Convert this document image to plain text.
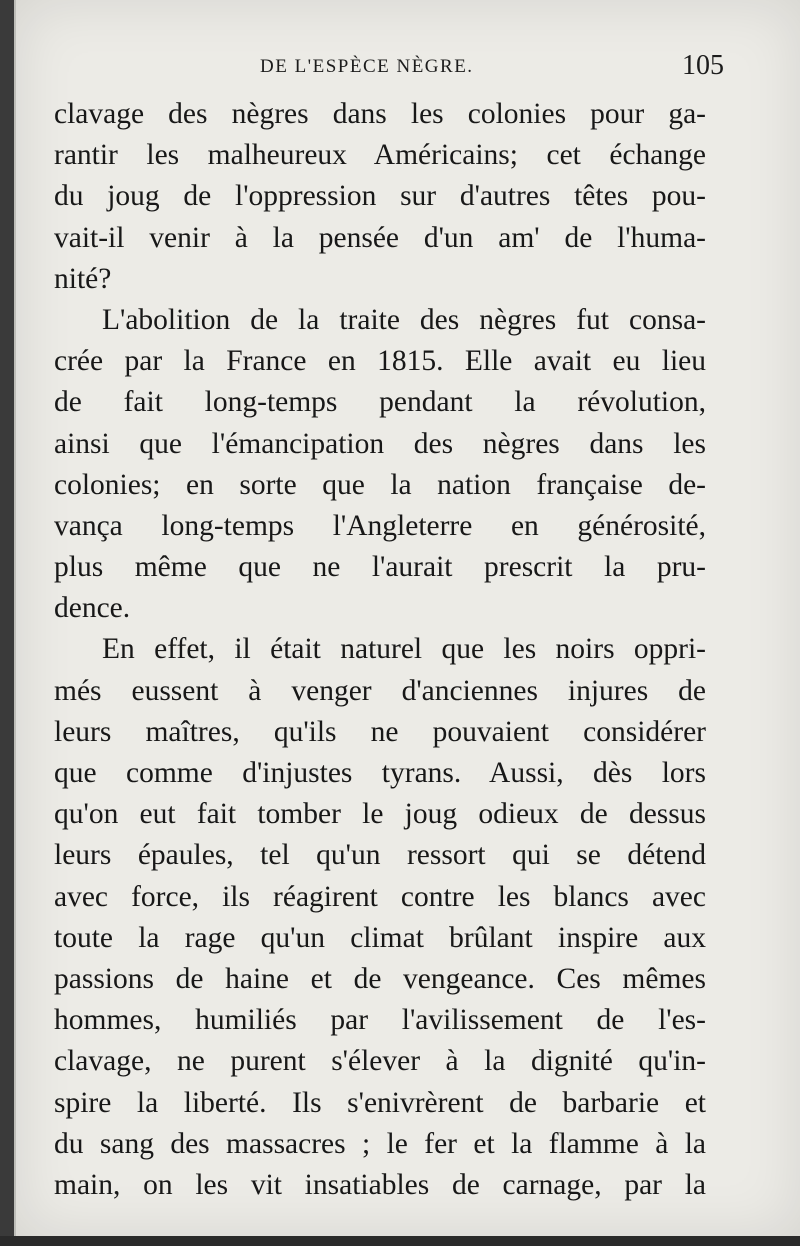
DE L'ESPÈCE NÈGRE.	105
clavage des nègres dans les colonies pour ga-
rantir les malheureux Américains; cet échange
du joug de l'oppression sur d'autres têtes pou-
vait-il venir à la pensée d'un am' de l'huma-
nité?
L'abolition de la traite des nègres fut consa-
crée par la France en 1815. Elle avait eu lieu
de fait long-temps pendant la révolution,
ainsi que l'émancipation des nègres dans les
colonies; en sorte que la nation française de-
vança long-temps l'Angleterre en générosité,
plus même que ne l'aurait prescrit la pru-
dence.
En effet, il était naturel que les noirs oppri-
més eussent à venger d'anciennes injures de
leurs maîtres, qu'ils ne pouvaient considérer
que comme d'injustes tyrans. Aussi, dès lors
qu'on eut fait tomber le joug odieux de dessus
leurs épaules, tel qu'un ressort qui se détend
avec force, ils réagirent contre les blancs avec
toute la rage qu'un climat brûlant inspire aux
passions de haine et de vengeance. Ces mêmes
hommes, humiliés par l'avilissement de l'es-
clavage, ne purent s'élever à la dignité qu'in-
spire la liberté. Ils s'enivrèrent de barbarie et
du sang des massacres ; le fer et la flamme à la
main, on les vit insatiables de carnage, par la
